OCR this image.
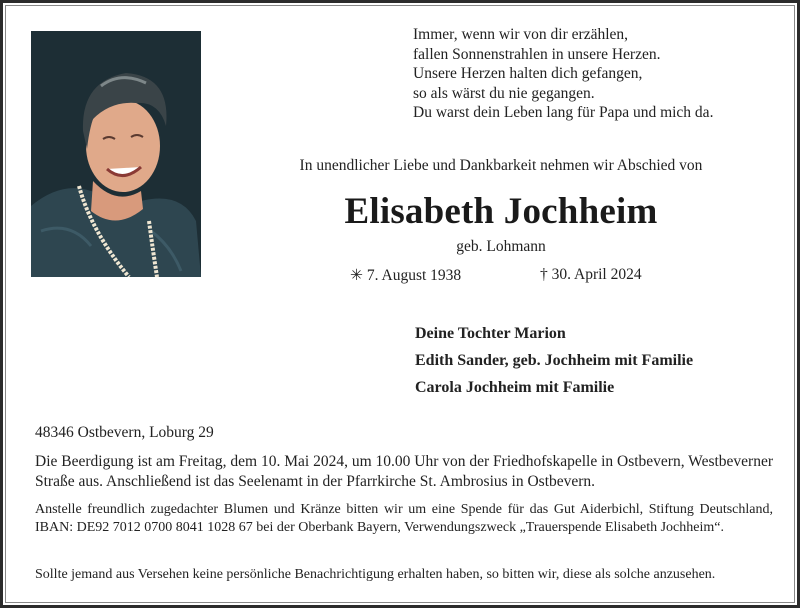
Immer, wenn wir von dir erzählen,
fallen Sonnenstrahlen in unsere Herzen.
Unsere Herzen halten dich gefangen,
so als wärst du nie gegangen.
Du warst dein Leben lang für Papa und mich da.
In unendlicher Liebe und Dankbarkeit nehmen wir Abschied von
Elisabeth Jochheim
geb. Lohmann
✳ 7. August 1938	† 30. April 2024
Deine Tochter Marion
Edith Sander, geb. Jochheim mit Familie
Carola Jochheim mit Familie
48346 Ostbevern, Loburg 29
Die Beerdigung ist am Freitag, dem 10. Mai 2024, um 10.00 Uhr von der Friedhofskapelle in Ostbevern, Westbeverner Straße aus. Anschließend ist das Seelenamt in der Pfarrkirche St. Ambrosius in Ostbevern.
Anstelle freundlich zugedachter Blumen und Kränze bitten wir um eine Spende für das Gut Aiderbichl, Stiftung Deutschland, IBAN: DE92 7012 0700 8041 1028 67 bei der Oberbank Bayern, Verwendungszweck „Trauerspende Elisabeth Jochheim“.
Sollte jemand aus Versehen keine persönliche Benachrichtigung erhalten haben, so bitten wir, diese als solche anzusehen.
